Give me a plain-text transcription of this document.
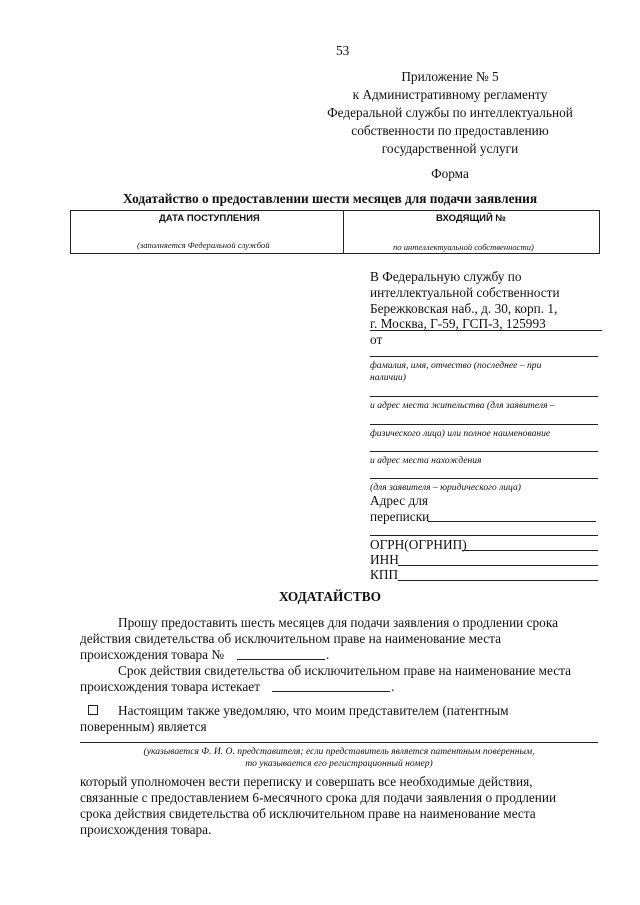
53
Приложение № 5
к Административному регламенту
Федеральной службы по интеллектуальной
собственности по предоставлению
государственной услуги
Форма
Ходатайство о предоставлении шести месяцев для подачи заявления
ДАТА ПОСТУПЛЕНИЯ	ВХОДЯЩИЙ №
(заполняется Федеральной службой	по интеллектуальной собственности)
В Федеральную службу по
интеллектуальной собственности
Бережковская наб., д. 30, корп. 1,
г. Москва, Г-59, ГСП-3, 125993
от
фамилия, имя, отчество (последнее – при
наличии)
и адрес места жительства (для заявителя –
физического лица) или полное наименование
и адрес места нахождения
(для заявителя – юридического лица)
Адрес для
переписки
ОГРН(ОГРНИП)
ИНН
КПП
ХОДАТАЙСТВО
Прошу предоставить шесть месяцев для подачи заявления о продлении срока
действия свидетельства об исключительном праве на наименование места
происхождения товара №	.
Срок действия свидетельства об исключительном праве на наименование места
происхождения товара истекает	.
Настоящим также уведомляю, что моим представителем (патентным
поверенным) является
(указывается Ф. И. О. представителя; если представитель является патентным поверенным,
то указывается его регистрационный номер)
который уполномочен вести переписку и совершать все необходимые действия,
связанные с предоставлением 6-месячного срока для подачи заявления о продлении
срока действия свидетельства об исключительном праве на наименование места
происхождения товара.
